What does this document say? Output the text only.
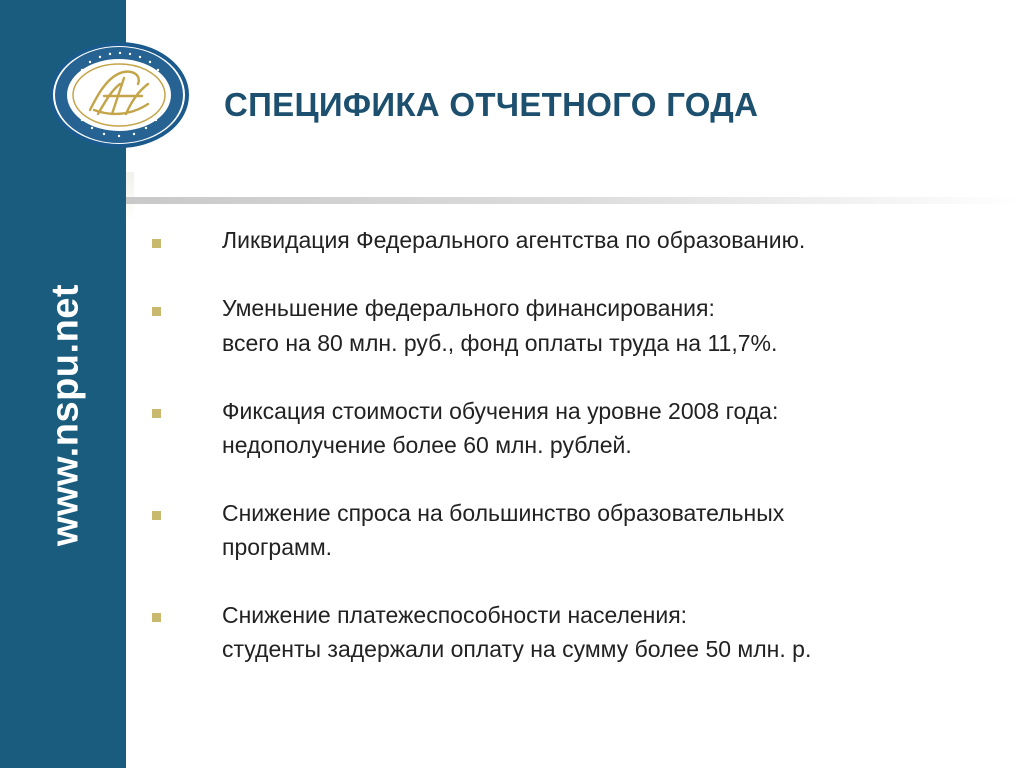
www.nspu.net
СПЕЦИФИКА ОТЧЕТНОГО ГОДА
Ликвидация Федерального агентства по образованию.
Уменьшение федерального финансирования:
всего на 80 млн. руб., фонд оплаты труда на 11,7%.
Фиксация стоимости обучения на уровне 2008 года:
недополучение более 60 млн. рублей.
Снижение спроса на большинство образовательных
программ.
Снижение платежеспособности населения:
студенты задержали оплату на сумму более 50 млн. р.
